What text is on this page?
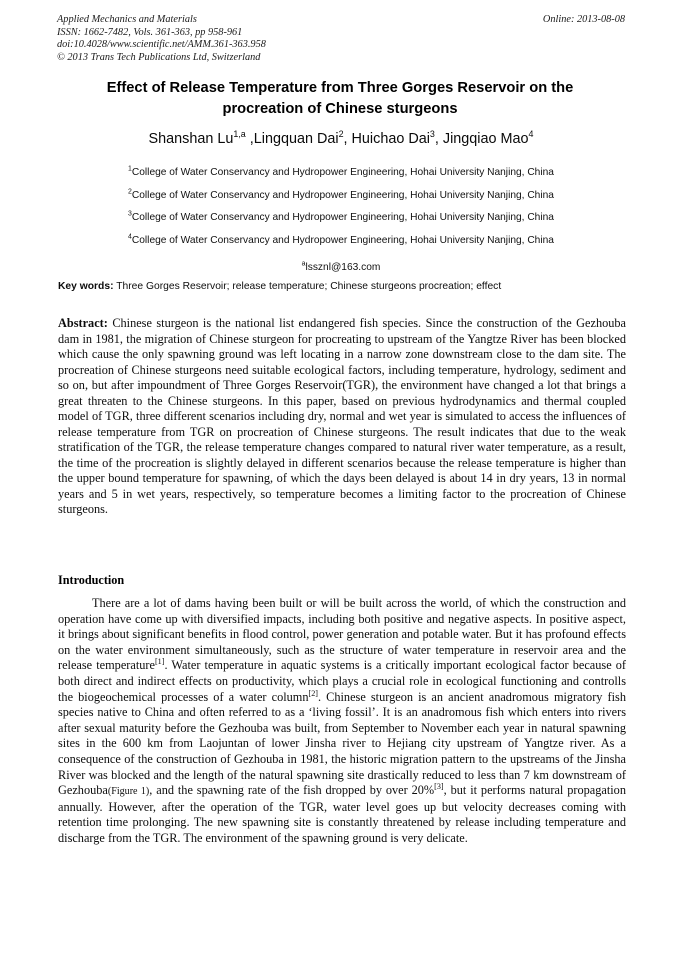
Applied Mechanics and Materials	Online: 2013-08-08
ISSN: 1662-7482, Vols. 361-363, pp 958-961
doi:10.4028/www.scientific.net/AMM.361-363.958
© 2013 Trans Tech Publications Ltd, Switzerland
Effect of Release Temperature from Three Gorges Reservoir on the procreation of Chinese sturgeons
Shanshan Lu$^{1,a}$ ,Lingquan Dai$^2$, Huichao Dai$^3$, Jingqiao Mao$^4$
$^1$College of Water Conservancy and Hydropower Engineering, Hohai University Nanjing, China
$^2$College of Water Conservancy and Hydropower Engineering, Hohai University Nanjing, China
$^3$College of Water Conservancy and Hydropower Engineering, Hohai University Nanjing, China
$^4$College of Water Conservancy and Hydropower Engineering, Hohai University Nanjing, China
$^a$lssznl@163.com
Key words: Three Gorges Reservoir; release temperature; Chinese sturgeons procreation; effect
Abstract: Chinese sturgeon is the national list endangered fish species. Since the construction of the Gezhouba dam in 1981, the migration of Chinese sturgeon for procreating to upstream of the Yangtze River has been blocked which cause the only spawning ground was left locating in a narrow zone downstream close to the dam site. The procreation of Chinese sturgeons need suitable ecological factors, including temperature, hydrology, sediment and so on, but after impoundment of Three Gorges Reservoir(TGR), the environment have changed a lot that brings a great threaten to the Chinese sturgeons. In this paper, based on previous hydrodynamics and thermal coupled model of TGR, three different scenarios including dry, normal and wet year is simulated to access the influences of release temperature from TGR on procreation of Chinese sturgeons. The result indicates that due to the weak stratification of the TGR, the release temperature changes compared to natural river water temperature, as a result, the time of the procreation is slightly delayed in different scenarios because the release temperature is higher than the upper bound temperature for spawning, of which the days been delayed is about 14 in dry years, 13 in normal years and 5 in wet years, respectively, so temperature becomes a limiting factor to the procreation of Chinese sturgeons.
Introduction
There are a lot of dams having been built or will be built across the world, of which the construction and operation have come up with diversified impacts, including both positive and negative aspects. In positive aspect, it brings about significant benefits in flood control, power generation and potable water. But it has profound effects on the water environment simultaneously, such as the structure of water temperature in reservoir area and the release temperature[1]. Water temperature in aquatic systems is a critically important ecological factor because of both direct and indirect effects on productivity, which plays a crucial role in ecological functioning and controlls the biogeochemical processes of a water column[2]. Chinese sturgeon is an ancient anadromous migratory fish species native to China and often referred to as a ‘living fossil’. It is an anadromous fish which enters into rivers after sexual maturity before the Gezhouba was built, from September to November each year in natural spawning sites in the 600 km from Laojuntan of lower Jinsha river to Hejiang city upstream of Yangtze river. As a consequence of the construction of Gezhouba in 1981, the historic migration pattern to the upstreams of the Jinsha River was blocked and the length of the natural spawning site drastically reduced to less than 7 km downstream of Gezhouba(Figure 1), and the spawning rate of the fish dropped by over 20%[3], but it performs natural propagation annually. However, after the operation of the TGR, water level goes up but velocity decreases coming with retention time prolonging. The new spawning site is constantly threatened by release including temperature and discharge from the TGR. The environment of the spawning ground is very delicate.
